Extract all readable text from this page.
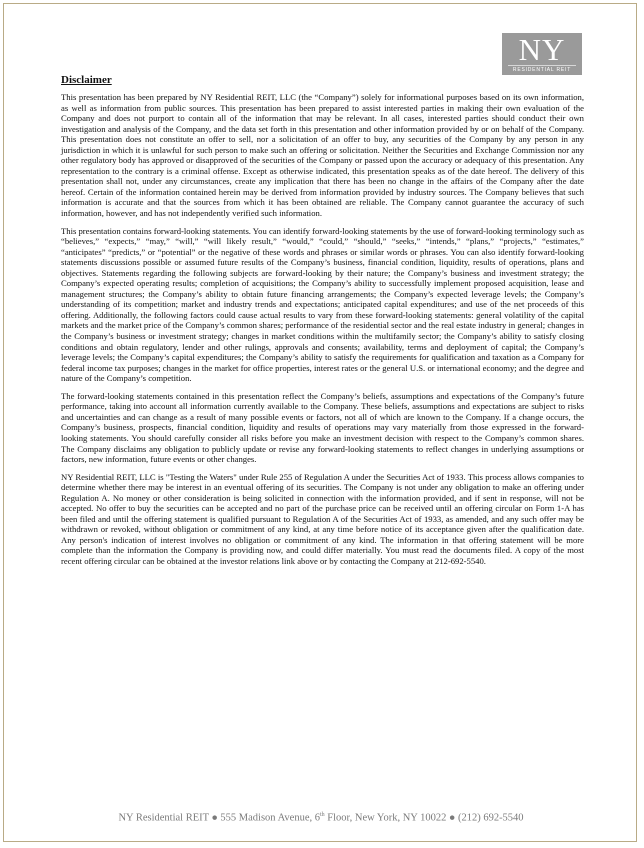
NY
RESIDENTIAL REIT
Disclaimer

This presentation has been prepared by NY Residential REIT, LLC (the “Company”) solely for informational purposes based on its own information, as well as information from public sources. This presentation has been prepared to assist interested parties in making their own evaluation of the Company and does not purport to contain all of the information that may be relevant. In all cases, interested parties should conduct their own investigation and analysis of the Company, and the data set forth in this presentation and other information provided by or on behalf of the Company. This presentation does not constitute an offer to sell, nor a solicitation of an offer to buy, any securities of the Company by any person in any jurisdiction in which it is unlawful for such person to make such an offering or solicitation. Neither the Securities and Exchange Commission nor any other regulatory body has approved or disapproved of the securities of the Company or passed upon the accuracy or adequacy of this presentation. Any representation to the contrary is a criminal offense. Except as otherwise indicated, this presentation speaks as of the date hereof. The delivery of this presentation shall not, under any circumstances, create any implication that there has been no change in the affairs of the Company after the date hereof. Certain of the information contained herein may be derived from information provided by industry sources. The Company believes that such information is accurate and that the sources from which it has been obtained are reliable. The Company cannot guarantee the accuracy of such information, however, and has not independently verified such information.

This presentation contains forward-looking statements. You can identify forward-looking statements by the use of forward-looking terminology such as “believes,” “expects,” “may,” “will,” “will likely result,” “would,” “could,” “should,” “seeks,” “intends,” “plans,” “projects,” “estimates,” “anticipates” “predicts,” or “potential” or the negative of these words and phrases or similar words or phrases. You can also identify forward-looking statements discussions possible or assumed future results of the Company’s business, financial condition, liquidity, results of operations, plans and objectives. Statements regarding the following subjects are forward-looking by their nature; the Company’s business and investment strategy; the Company’s expected operating results; completion of acquisitions; the Company’s ability to successfully implement proposed acquisition, lease and management structures; the Company’s ability to obtain future financing arrangements; the Company’s expected leverage levels; the Company’s understanding of its competition; market and industry trends and expectations; anticipated capital expenditures; and use of the net proceeds of this offering. Additionally, the following factors could cause actual results to vary from these forward-looking statements: general volatility of the capital markets and the market price of the Company’s common shares; performance of the residential sector and the real estate industry in general; changes in the Company’s business or investment strategy; changes in market conditions within the multifamily sector; the Company’s ability to satisfy closing conditions and obtain regulatory, lender and other rulings, approvals and consents; availability, terms and deployment of capital; the Company’s leverage levels; the Company’s capital expenditures; the Company’s ability to satisfy the requirements for qualification and taxation as a Company for federal income tax purposes; changes in the market for office properties, interest rates or the general U.S. or international economy; and the degree and nature of the Company’s competition.

The forward-looking statements contained in this presentation reflect the Company’s beliefs, assumptions and expectations of the Company’s future performance, taking into account all information currently available to the Company. These beliefs, assumptions and expectations are subject to risks and uncertainties and can change as a result of many possible events or factors, not all of which are known to the Company. If a change occurs, the Company’s business, prospects, financial condition, liquidity and results of operations may vary materially from those expressed in the forward-looking statements. You should carefully consider all risks before you make an investment decision with respect to the Company’s common shares. The Company disclaims any obligation to publicly update or revise any forward-looking statements to reflect changes in underlying assumptions or factors, new information, future events or other changes.

NY Residential REIT, LLC is "Testing the Waters" under Rule 255 of Regulation A under the Securities Act of 1933. This process allows companies to determine whether there may be interest in an eventual offering of its securities. The Company is not under any obligation to make an offering under Regulation A. No money or other consideration is being solicited in connection with the information provided, and if sent in response, will not be accepted. No offer to buy the securities can be accepted and no part of the purchase price can be received until an offering circular on Form 1-A has been filed and until the offering statement is qualified pursuant to Regulation A of the Securities Act of 1933, as amended, and any such offer may be withdrawn or revoked, without obligation or commitment of any kind, at any time before notice of its acceptance given after the qualification date. Any person's indication of interest involves no obligation or commitment of any kind. The information in that offering statement will be more complete than the information the Company is providing now, and could differ materially. You must read the documents filed. A copy of the most recent offering circular can be obtained at the investor relations link above or by contacting the Company at 212-692-5540.

NY Residential REIT ● 555 Madison Avenue, 6th Floor, New York, NY 10022 ● (212) 692-5540
